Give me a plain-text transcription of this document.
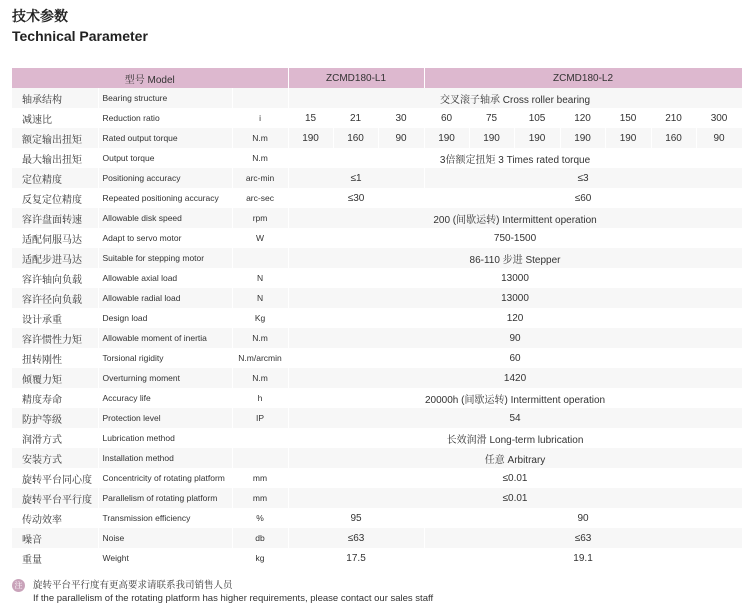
技术参数
Technical Parameter
型号 Model			ZCMD180-L1			ZCMD180-L2						
轴承结构	Bearing structure		交叉滚子轴承 Cross roller bearing									
减速比	Reduction ratio	i	15	21	30	60	75	105	120	150	210	300
额定输出扭矩	Rated output torque	N.m	190	160	90	190	190	190	190	190	160	90
最大输出扭矩	Output torque	N.m	3倍额定扭矩 3 Times rated torque									
定位精度	Positioning accuracy	arc-min	≤1			≤3						
反复定位精度	Repeated positioning accuracy	arc-sec	≤30			≤60						
容许盘面转速	Allowable disk speed	rpm	200 (间歇运转) Intermittent operation									
适配伺服马达	Adapt to servo motor	W	750-1500									
适配步进马达	Suitable for stepping motor		86-110 步进 Stepper									
容许轴向负载	Allowable axial load	N	13000									
容许径向负载	Allowable radial load	N	13000									
设计承重	Design load	Kg	120									
容许惯性力矩	Allowable moment of inertia	N.m	90									
扭转刚性	Torsional rigidity	N.m/arcmin	60									
倾覆力矩	Overturning moment	N.m	1420									
精度寿命	Accuracy life	h	20000h (间歇运转) Intermittent operation									
防护等级	Protection level	IP	54									
润滑方式	Lubrication method		长效润滑 Long-term lubrication									
安装方式	Installation method		任意 Arbitrary									
旋转平台同心度	Concentricity of rotating platform	mm	≤0.01									
旋转平台平行度	Parallelism of rotating platform	mm	≤0.01									
传动效率	Transmission efficiency	%	95			90						
噪音	Noise	db	≤63			≤63						
重量	Weight	kg	17.5			19.1						
注 旋转平台平行度有更高要求请联系我司销售人员
If the parallelism of the rotating platform has higher requirements, please contact our sales staff
